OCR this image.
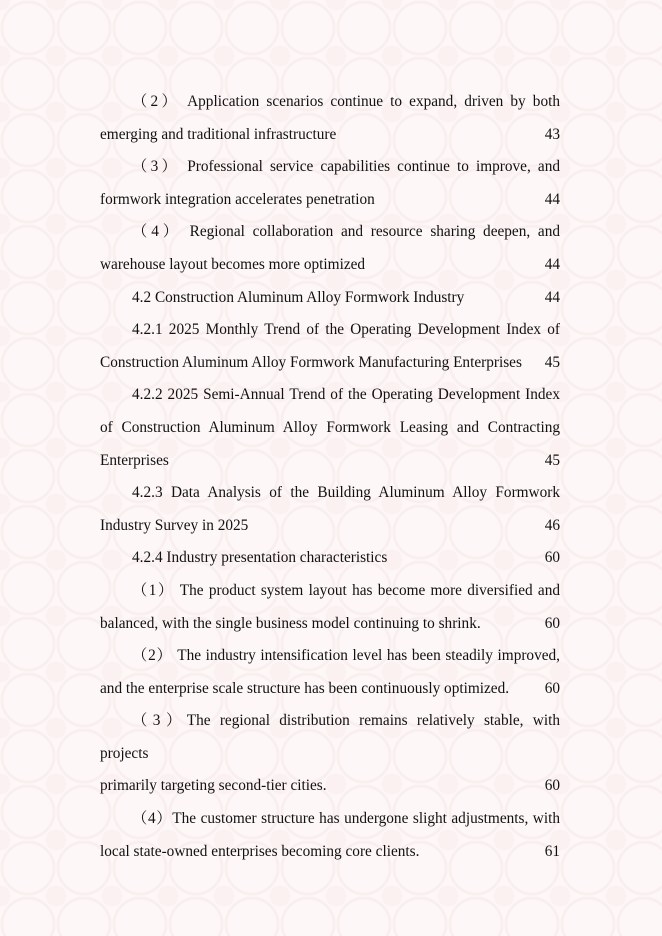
（2） Application scenarios continue to expand, driven by both
emerging and traditional infrastructure .....	43
（3） Professional service capabilities continue to improve, and
formwork integration accelerates penetration .....	44
（4） Regional collaboration and resource sharing deepen, and
warehouse layout becomes more optimized .....	44
4.2 Construction Aluminum Alloy Formwork Industry .....	44
4.2.1 2025 Monthly Trend of the Operating Development Index of
Construction Aluminum Alloy Formwork Manufacturing Enterprises ..... 45
4.2.2 2025 Semi-Annual Trend of the Operating Development Index
of Construction Aluminum Alloy Formwork Leasing and Contracting
Enterprises .....	45
4.2.3 Data Analysis of the Building Aluminum Alloy Formwork
Industry Survey in 2025 .....	46
4.2.4 Industry presentation characteristics .....	60
（1） The product system layout has become more diversified and
balanced, with the single business model continuing to shrink. .....	60
（2） The industry intensification level has been steadily improved,
and the enterprise scale structure has been continuously optimized. ..... 60
（3）The regional distribution remains relatively stable, with projects
primarily targeting second-tier cities. .....	60
（4）The customer structure has undergone slight adjustments, with
local state-owned enterprises becoming core clients. .....	61
